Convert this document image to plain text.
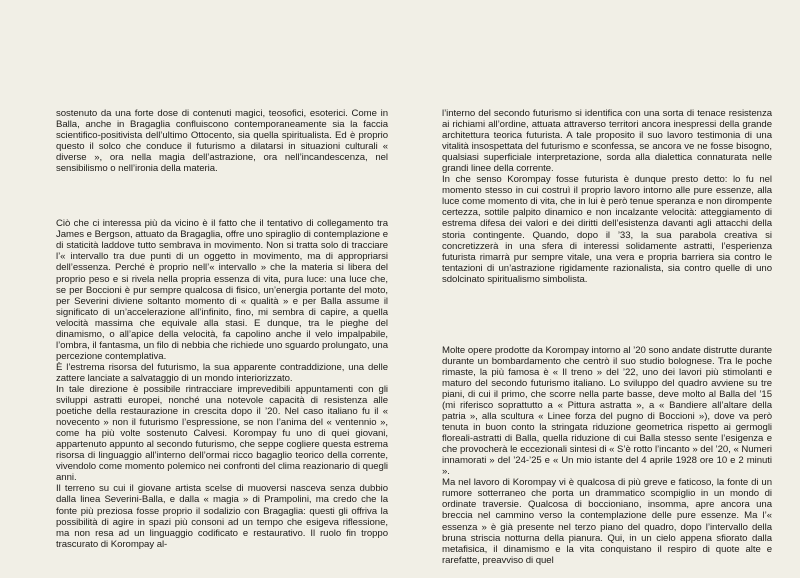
sostenuto da una forte dose di contenuti magici, teosofici, esoterici. Come in Balla, anche in Bragaglia confluiscono contemporaneamente sia la faccia scientifico-positivista dell’ultimo Ottocento, sia quella spiritualista. Ed è proprio questo il solco che conduce il futurismo a dilatarsi in situazioni culturali « diverse », ora nella magia dell’astrazione, ora nell’incandescenza, nel sensibilismo o nell’ironia della materia.

Ciò che ci interessa più da vicino è il fatto che il tentativo di collegamento tra James e Bergson, attuato da Bragaglia, offre uno spiraglio di contemplazione e di staticità laddove tutto sembrava in movimento. Non si tratta solo di tracciare l’« intervallo tra due punti di un oggetto in movimento, ma di appropriarsi dell’essenza. Perché è proprio nell’« intervallo » che la materia si libera del proprio peso e si rivela nella propria essenza di vita, pura luce: una luce che, se per Boccioni è pur sempre qualcosa di fisico, un’energia portante del moto, per Severini diviene soltanto momento di « qualità » e per Balla assume il significato di un’accelerazione all’infinito, fino, mi sembra di capire, a quella velocità massima che equivale alla stasi. E dunque, tra le pieghe del dinamismo, o all’apice della velocità, fa capolino anche il velo impalpabile, l’ombra, il fantasma, un filo di nebbia che richiede uno sguardo prolungato, una percezione contemplativa.

È l’estrema risorsa del futurismo, la sua apparente contraddizione, una delle zattere lanciate a salvataggio di un mondo interiorizzato.

In tale direzione è possibile rintracciare imprevedibili appuntamenti con gli sviluppi astratti europei, nonché una notevole capacità di resistenza alle poetiche della restaurazione in crescita dopo il ’20. Nel caso italiano fu il « novecento » non il futurismo l’espressione, se non l’anima del « ventennio », come ha più volte sostenuto Calvesi. Korompay fu uno di quei giovani, appartenuto appunto al secondo futurismo, che seppe cogliere questa estrema risorsa di linguaggio all’interno dell’ormai ricco bagaglio teorico della corrente, vivendolo come momento polemico nei confronti del clima reazionario di quegli anni.

Il terreno su cui il giovane artista scelse di muoversi nasceva senza dubbio dalla linea Severini-Balla, e dalla « magia » di Prampolini, ma credo che la fonte più preziosa fosse proprio il sodalizio con Bragaglia: questi gli offriva la possibilità di agire in spazi più consoni ad un tempo che esigeva riflessione, ma non resa ad un linguaggio codificato e restaurativo. Il ruolo fin troppo trascurato di Korompay al-

l’interno del secondo futurismo si identifica con una sorta di tenace resistenza ai richiami all’ordine, attuata attraverso territori ancora inespressi della grande architettura teorica futurista. A tale proposito il suo lavoro testimonia di una vitalità insospettata del futurismo e sconfessa, se ancora ve ne fosse bisogno, qualsiasi superficiale interpretazione, sorda alla dialettica connaturata nelle grandi linee della corrente.

In che senso Korompay fosse futurista è dunque presto detto: lo fu nel momento stesso in cui costruì il proprio lavoro intorno alle pure essenze, alla luce come momento di vita, che in lui è però tenue speranza e non dirompente certezza, sottile palpito dinamico e non incalzante velocità: atteggiamento di estrema difesa dei valori e dei diritti dell’esistenza davanti agli attacchi della storia contingente. Quando, dopo il ’33, la sua parabola creativa si concretizzerà in una sfera di interessi solidamente astratti, l’esperienza futurista rimarrà pur sempre vitale, una vera e propria barriera sia contro le tentazioni di un’astrazione rigidamente razionalista, sia contro quelle di uno sdolcinato spiritualismo simbolista.

Molte opere prodotte da Korompay intorno al ’20 sono andate distrutte durante durante un bombardamento che centrò il suo studio bolognese. Tra le poche rimaste, la più famosa è « Il treno » del ’22, uno dei lavori più stimolanti e maturo del secondo futurismo italiano. Lo sviluppo del quadro avviene su tre piani, di cui il primo, che scorre nella parte basse, deve molto al Balla del ’15 (mi riferisco soprattutto a « Pittura astratta », a « Bandiere all’altare della patria », alla scultura « Linee forza del pugno di Boccioni »), dove va però tenuta in buon conto la stringata riduzione geometrica rispetto ai germogli floreali-astratti di Balla, quella riduzione di cui Balla stesso sente l’esigenza e che provocherà le eccezionali sintesi di « S’è rotto l’incanto » del ’20, « Numeri innamorati » del ’24-’25 e « Un mio istante del 4 aprile 1928 ore 10 e 2 minuti ».

Ma nel lavoro di Korompay vi è qualcosa di più greve e faticoso, la fonte di un rumore sotterraneo che porta un drammatico scompiglio in un mondo di ordinate traversie. Qualcosa di boccioniano, insomma, apre ancora una breccia nel cammino verso la contemplazione delle pure essenze. Ma l’« essenza » è già presente nel terzo piano del quadro, dopo l’intervallo della bruna striscia notturna della pianura. Qui, in un cielo appena sfiorato dalla metafisica, il dinamismo e la vita conquistano il respiro di quote alte e rarefatte, preavviso di quel
